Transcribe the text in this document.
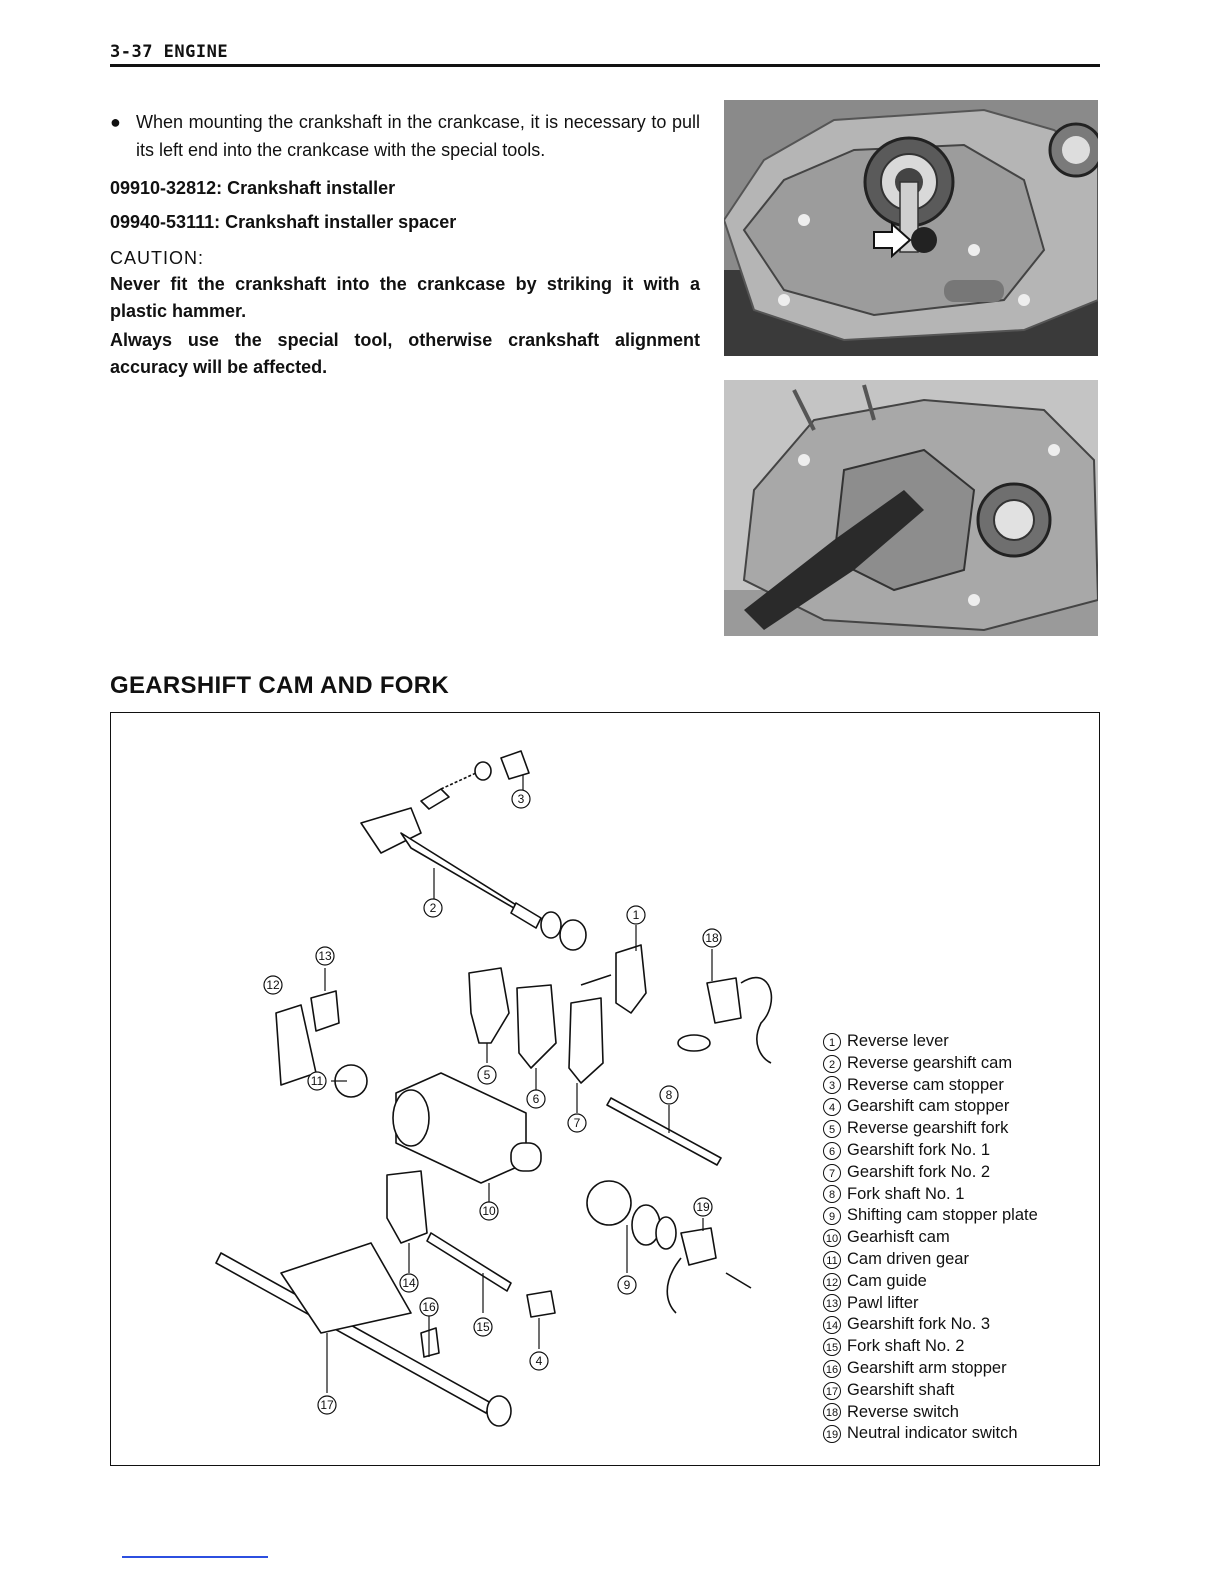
3-37 ENGINE
● When mounting the crankshaft in the crankcase, it is necessary to pull its left end into the crankcase with the special tools.
09910-32812: Crankshaft installer
09940-53111: Crankshaft installer spacer
CAUTION:
Never fit the crankshaft into the crankcase by striking it with a plastic hammer.
Always use the special tool, otherwise crankshaft alignment accuracy will be affected.
GEARSHIFT CAM AND FORK
3
2	1
18
13
12
11	5
6
7
8
10	19
9
14
16
15
4
17
1 Reverse lever
2 Reverse gearshift cam
3 Reverse cam stopper
4 Gearshift cam stopper
5 Reverse gearshift fork
6 Gearshift fork No. 1
7 Gearshift fork No. 2
8 Fork shaft No. 1
9 Shifting cam stopper plate
10 Gearhisft cam
11 Cam driven gear
12 Cam guide
13 Pawl lifter
14 Gearshift fork No. 3
15 Fork shaft No. 2
16 Gearshift arm stopper
17 Gearshift shaft
18 Reverse switch
19 Neutral indicator switch
